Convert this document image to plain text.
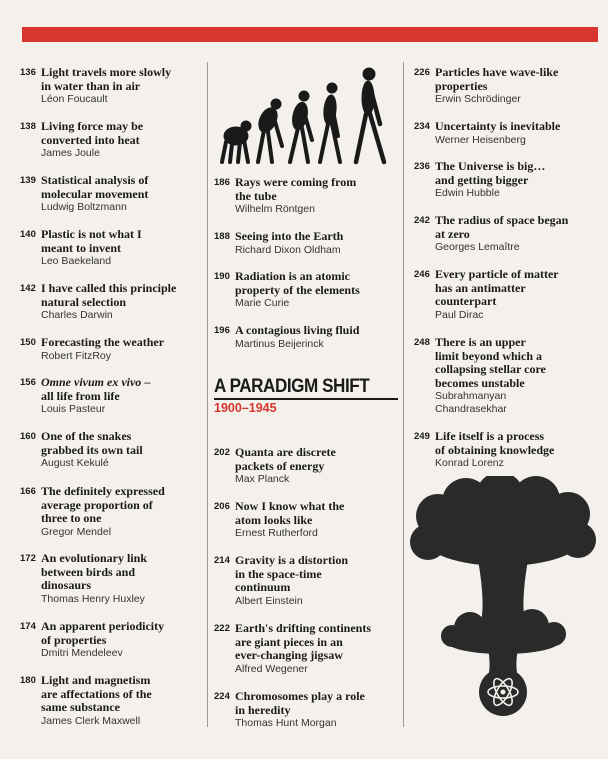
136 Light travels more slowly
in water than in air
Léon Foucault
138 Living force may be
converted into heat
James Joule
139 Statistical analysis of
molecular movement
Ludwig Boltzmann
140 Plastic is not what I
meant to invent
Leo Baekeland
142 I have called this principle
natural selection
Charles Darwin
150 Forecasting the weather
Robert FitzRoy
156 Omne vivum ex vivo –
all life from life
Louis Pasteur
160 One of the snakes
grabbed its own tail
August Kekulé
166 The definitely expressed
average proportion of
three to one
Gregor Mendel
172 An evolutionary link
between birds and
dinosaurs
Thomas Henry Huxley
174 An apparent periodicity
of properties
Dmitri Mendeleev
180 Light and magnetism
are affectations of the
same substance
James Clerk Maxwell
186 Rays were coming from
the tube
Wilhelm Röntgen
188 Seeing into the Earth
Richard Dixon Oldham
190 Radiation is an atomic
property of the elements
Marie Curie
196 A contagious living fluid
Martinus Beijerinck
A PARADIGM SHIFT
1900–1945
202 Quanta are discrete
packets of energy
Max Planck
206 Now I know what the
atom looks like
Ernest Rutherford
214 Gravity is a distortion
in the space-time
continuum
Albert Einstein
222 Earth's drifting continents
are giant pieces in an
ever-changing jigsaw
Alfred Wegener
224 Chromosomes play a role
in heredity
Thomas Hunt Morgan
226 Particles have wave-like
properties
Erwin Schrödinger
234 Uncertainty is inevitable
Werner Heisenberg
236 The Universe is big…
and getting bigger
Edwin Hubble
242 The radius of space began
at zero
Georges Lemaître
246 Every particle of matter
has an antimatter
counterpart
Paul Dirac
248 There is an upper
limit beyond which a
collapsing stellar core
becomes unstable
Subrahmanyan
Chandrasekhar
249 Life itself is a process
of obtaining knowledge
Konrad Lorenz
